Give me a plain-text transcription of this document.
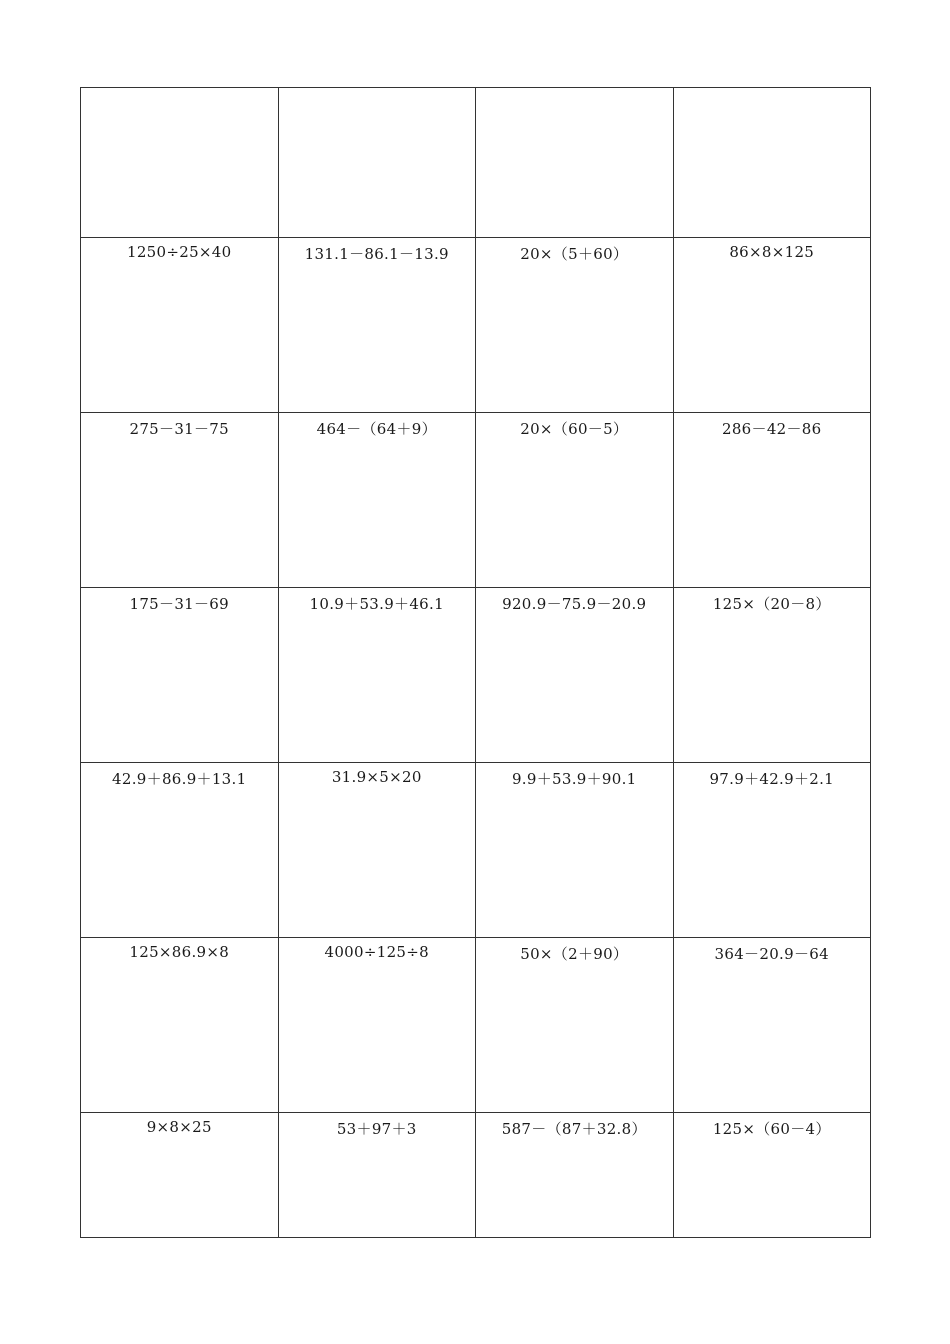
1250÷25×40	131.1－86.1－13.9	20×（5＋60）	86×8×125

275－31－75	464－（64＋9）	20×（60－5）	286－42－86

175－31－69	10.9＋53.9＋46.1	920.9－75.9－20.9	125×（20－8）

42.9＋86.9＋13.1	31.9×5×20	9.9＋53.9＋90.1	97.9＋42.9＋2.1

125×86.9×8	4000÷125÷8	50×（2＋90）	364－20.9－64

9×8×25	53＋97＋3	587－（87＋32.8）	125×（60－4）
